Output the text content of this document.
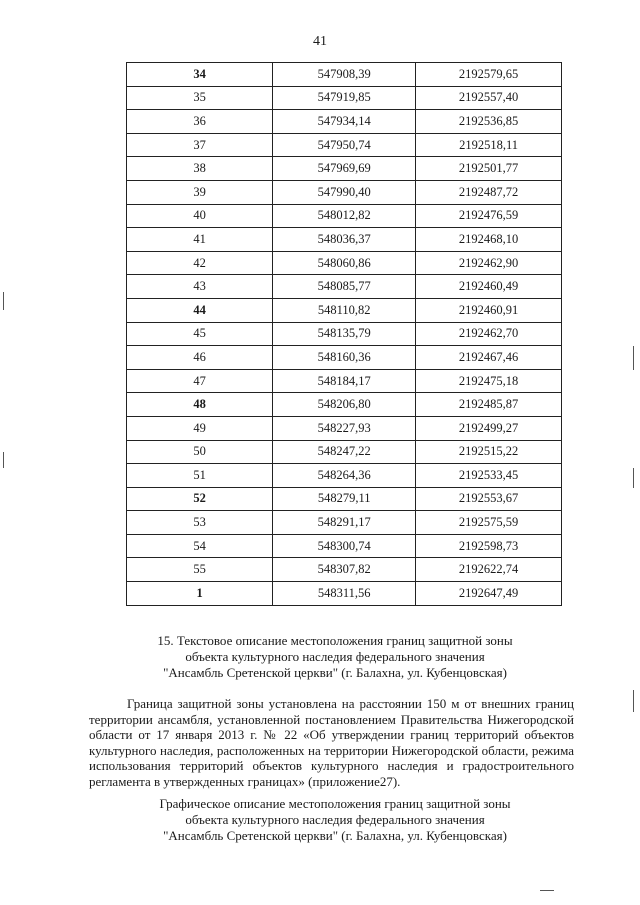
41
34	547908,39	2192579,65
35	547919,85	2192557,40
36	547934,14	2192536,85
37	547950,74	2192518,11
38	547969,69	2192501,77
39	547990,40	2192487,72
40	548012,82	2192476,59
41	548036,37	2192468,10
42	548060,86	2192462,90
43	548085,77	2192460,49
44	548110,82	2192460,91
45	548135,79	2192462,70
46	548160,36	2192467,46
47	548184,17	2192475,18
48	548206,80	2192485,87
49	548227,93	2192499,27
50	548247,22	2192515,22
51	548264,36	2192533,45
52	548279,11	2192553,67
53	548291,17	2192575,59
54	548300,74	2192598,73
55	548307,82	2192622,74
1	548311,56	2192647,49
15. Текстовое описание местоположения границ защитной зоны
объекта культурного наследия федерального значения
"Ансамбль Сретенской церкви" (г. Балахна, ул. Кубенцовская)

Граница защитной зоны установлена на расстоянии 150 м от внешних границ территории ансамбля, установленной постановлением Правительства Нижегородской области от 17 января 2013 г. № 22 «Об утверждении границ территорий объектов культурного наследия, расположенных на территории Нижегородской области, режима использования территорий объектов культурного наследия и градостроительного регламента в утвержденных границах» (приложение27).

Графическое описание местоположения границ защитной зоны
объекта культурного наследия федерального значения
"Ансамбль Сретенской церкви" (г. Балахна, ул. Кубенцовская)
